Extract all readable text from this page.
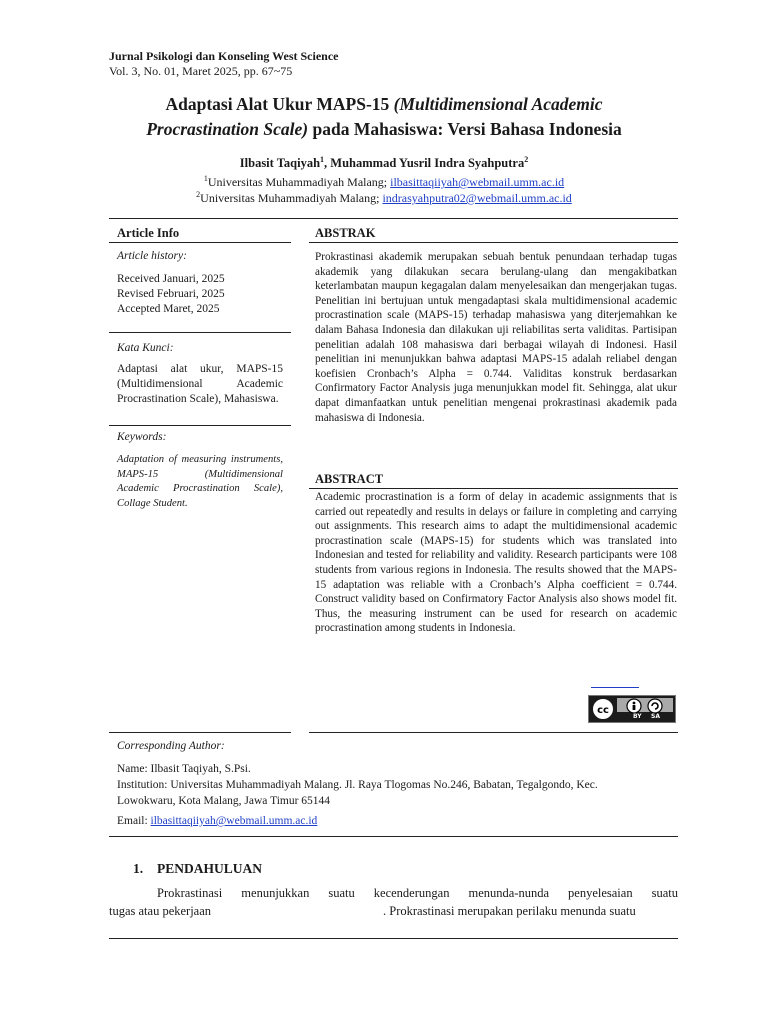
Jurnal Psikologi dan Konseling West Science
Vol. 3, No. 01, Maret 2025, pp. 67~75
Adaptasi Alat Ukur MAPS-15 (Multidimensional Academic
Procrastination Scale) pada Mahasiswa: Versi Bahasa Indonesia
Ilbasit Taqiyah$^1$, Muhammad Yusril Indra Syahputra$^2$
$^1$Universitas Muhammadiyah Malang; ilbasittaqiiyah@webmail.umm.ac.id
$^2$Universitas Muhammadiyah Malang; indrasyahputra02@webmail.umm.ac.id
Article Info
Article history:
Received Januari, 2025
Revised Februari, 2025
Accepted Maret, 2025
Kata Kunci:
Adaptasi alat ukur, MAPS-15 (Multidimensional Academic Procrastination Scale), Mahasiswa.
Keywords:
Adaptation of measuring instruments, MAPS-15 (Multidimensional Academic Procrastination Scale), Collage Student.
ABSTRAK
Prokrastinasi akademik merupakan sebuah bentuk penundaan terhadap tugas akademik yang dilakukan secara berulang-ulang dan mengakibatkan keterlambatan maupun kegagalan dalam menyelesaikan dan mengerjakan tugas. Penelitian ini bertujuan untuk mengadaptasi skala multidimensional academic procrastination scale (MAPS-15) terhadap mahasiswa yang diterjemahkan ke dalam Bahasa Indonesia dan dilakukan uji reliabilitas serta validitas. Partisipan penelitian adalah 108 mahasiswa dari berbagai wilayah di Indonesi. Hasil penelitian ini menunjukkan bahwa adaptasi MAPS-15 adalah reliabel dengan koefisien Cronbach’s Alpha = 0.744. Validitas konstruk berdasarkan Confirmatory Factor Analysis juga menunjukkan model fit. Sehingga, alat ukur dapat dimanfaatkan untuk penelitian mengenai prokrastinasi akademik pada mahasiswa di Indonesia.
ABSTRACT
Academic procrastination is a form of delay in academic assignments that is carried out repeatedly and results in delays or failure in completing and carrying out assignments. This research aims to adapt the multidimensional academic procrastination scale (MAPS-15) for students which was translated into Indonesian and tested for reliability and validity. Research participants were 108 students from various regions in Indonesia. The results showed that the MAPS-15 adaptation was reliable with a Cronbach’s Alpha coefficient = 0.744. Construct validity based on Confirmatory Factor Analysis also shows model fit. Thus, the measuring instrument can be used for research on academic procrastination among students in Indonesia.
cc
BY SA
Corresponding Author:
Name: Ilbasit Taqiyah, S.Psi.
Institution: Universitas Muhammadiyah Malang. Jl. Raya Tlogomas No.246, Babatan, Tegalgondo, Kec. Lowokwaru, Kota Malang, Jawa Timur 65144
Email: ilbasittaqiiyah@webmail.umm.ac.id
1. PENDAHULUAN
Prokrastinasi menunjukkan suatu kecenderungan menunda-nunda penyelesaian suatu
tugas atau pekerjaan	. Prokrastinasi merupakan perilaku menunda suatu
